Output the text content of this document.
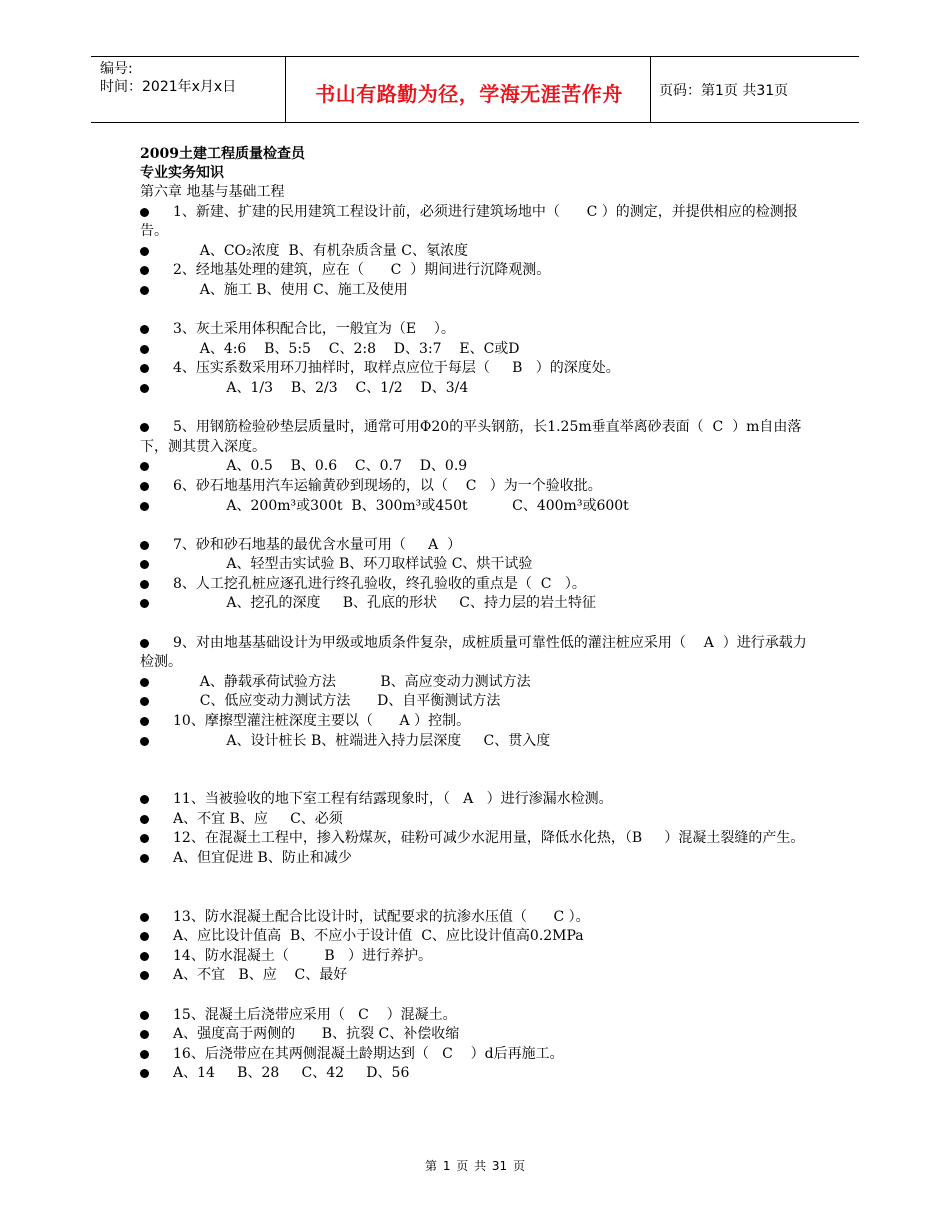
编号:
时间：2021年x月x日	书山有路勤为径，学海无涯苦作舟	页码：第1页 共31页
2009土建工程质量检查员
专业实务知识
第六章 地基与基础工程
1、新建、扩建的民用建筑工程设计前，必须进行建筑场地中（      C ）的测定，并提供相应的检测报告。
A、CO₂浓度  B、有机杂质含量 C、氡浓度
2、经地基处理的建筑，应在（      C  ）期间进行沉降观测。
A、施工 B、使用 C、施工及使用
3、灰土采用体积配合比，一般宜为（E    ）。
A、4:6    B、5:5    C、2:8    D、3:7    E、C或D
4、压实系数采用环刀抽样时，取样点应位于每层（     B   ）的深度处。
A、1/3    B、2/3    C、1/2    D、3/4
5、用钢筋检验砂垫层质量时，通常可用Φ20的平头钢筋，长1.25m垂直举离砂表面（  C  ）m自由落下，测其贯入深度。
A、0.5    B、0.6    C、0.7    D、0.9
6、砂石地基用汽车运输黄砂到现场的，以（    C   ）为一个验收批。
A、200m³或300t  B、300m³或450t          C、400m³或600t
7、砂和砂石地基的最优含水量可用（     A  ）
A、轻型击实试验 B、环刀取样试验 C、烘干试验
8、人工挖孔桩应逐孔进行终孔验收，终孔验收的重点是（  C   ）。
A、挖孔的深度     B、孔底的形状     C、持力层的岩土特征
9、对由地基基础设计为甲级或地质条件复杂，成桩质量可靠性低的灌注桩应采用（    A  ）进行承载力检测。
A、静载承荷试验方法          B、高应变动力测试方法
C、低应变动力测试方法      D、自平衡测试方法
10、摩擦型灌注桩深度主要以（      A ）控制。
A、设计桩长 B、桩端进入持力层深度     C、贯入度
11、当被验收的地下室工程有结露现象时，（   A   ）进行渗漏水检测。
A、不宜 B、应     C、必须
12、在混凝土工程中，掺入粉煤灰，硅粉可减少水泥用量，降低水化热，（B     ）混凝土裂缝的产生。
A、但宜促进 B、防止和减少
13、防水混凝土配合比设计时，试配要求的抗渗水压值（      C ）。
A、应比设计值高  B、不应小于设计值  C、应比设计值高0.2MPa
14、防水混凝土（        B   ）进行养护。
A、不宜   B、应    C、最好
15、混凝土后浇带应采用（   C    ）混凝土。
A、强度高于两侧的      B、抗裂 C、补偿收缩
16、后浇带应在其两侧混凝土龄期达到（   C    ）d后再施工。
A、14     B、28     C、42     D、56
第 1 页 共 31 页
